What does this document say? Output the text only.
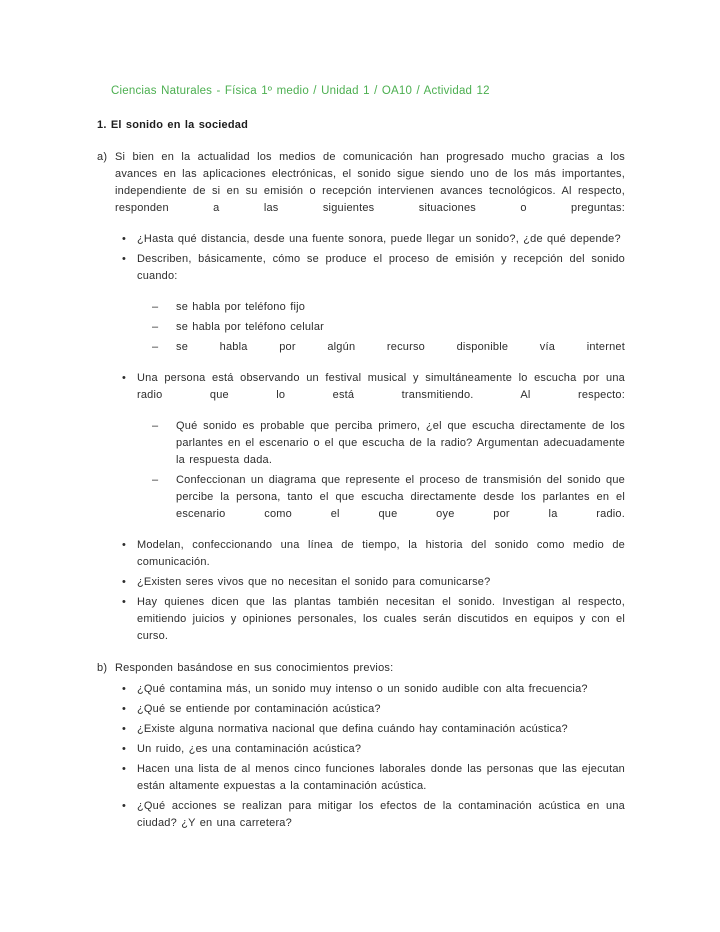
Ciencias Naturales - Física 1º medio / Unidad 1 / OA10 / Actividad 12
1. El sonido en la sociedad
a) Si bien en la actualidad los medios de comunicación han progresado mucho gracias a los avances en las aplicaciones electrónicas, el sonido sigue siendo uno de los más importantes, independiente de si en su emisión o recepción intervienen avances tecnológicos. Al respecto, responden a las siguientes situaciones o preguntas:
• ¿Hasta qué distancia, desde una fuente sonora, puede llegar un sonido?, ¿de qué depende?
• Describen, básicamente, cómo se produce el proceso de emisión y recepción del sonido cuando:
–	se habla por teléfono fijo
–	se habla por teléfono celular
–	se habla por algún recurso disponible vía internet
• Una persona está observando un festival musical y simultáneamente lo escucha por una radio que lo está transmitiendo. Al respecto:
–	Qué sonido es probable que perciba primero, ¿el que escucha directamente de los parlantes en el escenario o el que escucha de la radio? Argumentan adecuadamente la respuesta dada.
–	Confeccionan un diagrama que represente el proceso de transmisión del sonido que percibe la persona, tanto el que escucha directamente desde los parlantes en el escenario como el que oye por la radio.
• Modelan, confeccionando una línea de tiempo, la historia del sonido como medio de comunicación.
• ¿Existen seres vivos que no necesitan el sonido para comunicarse?
• Hay quienes dicen que las plantas también necesitan el sonido. Investigan al respecto, emitiendo juicios y opiniones personales, los cuales serán discutidos en equipos y con el curso.
b) Responden basándose en sus conocimientos previos:
• ¿Qué contamina más, un sonido muy intenso o un sonido audible con alta frecuencia?
• ¿Qué se entiende por contaminación acústica?
• ¿Existe alguna normativa nacional que defina cuándo hay contaminación acústica?
• Un ruido, ¿es una contaminación acústica?
• Hacen una lista de al menos cinco funciones laborales donde las personas que las ejecutan están altamente expuestas a la contaminación acústica.
• ¿Qué acciones se realizan para mitigar los efectos de la contaminación acústica en una ciudad? ¿Y en una carretera?
